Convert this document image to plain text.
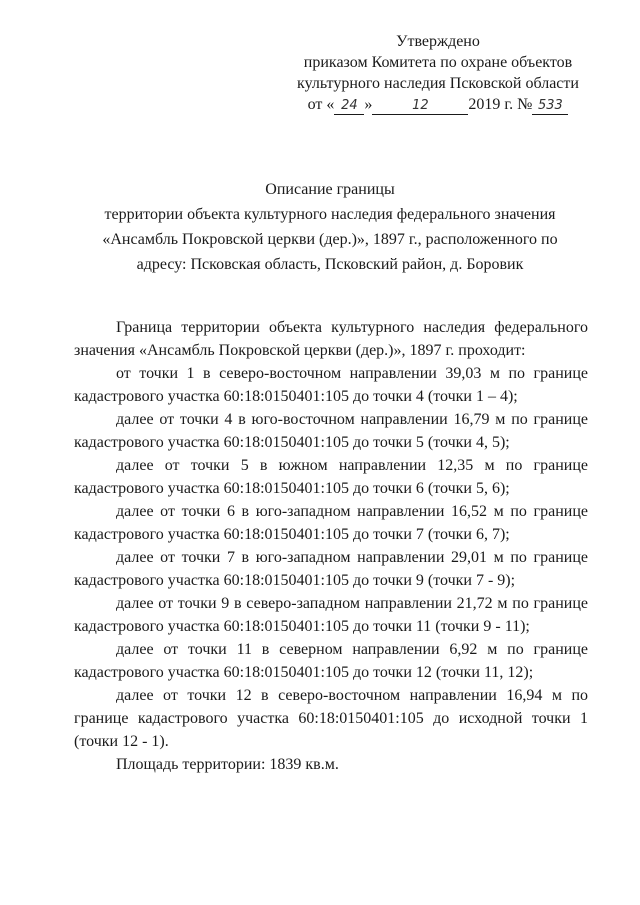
Утверждено
приказом Комитета по охране объектов
культурного наследия Псковской области
от « 24 »	12 2019 г. № 533
Описание границы
территории объекта культурного наследия федерального значения
«Ансамбль Покровской церкви (дер.)», 1897 г., расположенного по
адресу: Псковская область, Псковский район, д. Боровик

Граница территории объекта культурного наследия федерального значения «Ансамбль Покровской церкви (дер.)», 1897 г. проходит:

от точки 1 в северо-восточном направлении 39,03 м по границе кадастрового участка 60:18:0150401:105 до точки 4 (точки 1 – 4);

далее от точки 4 в юго-восточном направлении 16,79 м по границе кадастрового участка 60:18:0150401:105 до точки 5 (точки 4, 5);

далее от точки 5 в южном направлении 12,35 м по границе кадастрового участка 60:18:0150401:105 до точки 6 (точки 5, 6);

далее от точки 6 в юго-западном направлении 16,52 м по границе кадастрового участка 60:18:0150401:105 до точки 7 (точки 6, 7);

далее от точки 7 в юго-западном направлении 29,01 м по границе кадастрового участка 60:18:0150401:105 до точки 9 (точки 7 - 9);

далее от точки 9 в северо-западном направлении 21,72 м по границе кадастрового участка 60:18:0150401:105 до точки 11 (точки 9 - 11);

далее от точки 11 в северном направлении 6,92 м по границе кадастрового участка 60:18:0150401:105 до точки 12 (точки 11, 12);

далее от точки 12 в северо-восточном направлении 16,94 м по границе кадастрового участка 60:18:0150401:105 до исходной точки 1 (точки 12 - 1).

Площадь территории: 1839 кв.м.
